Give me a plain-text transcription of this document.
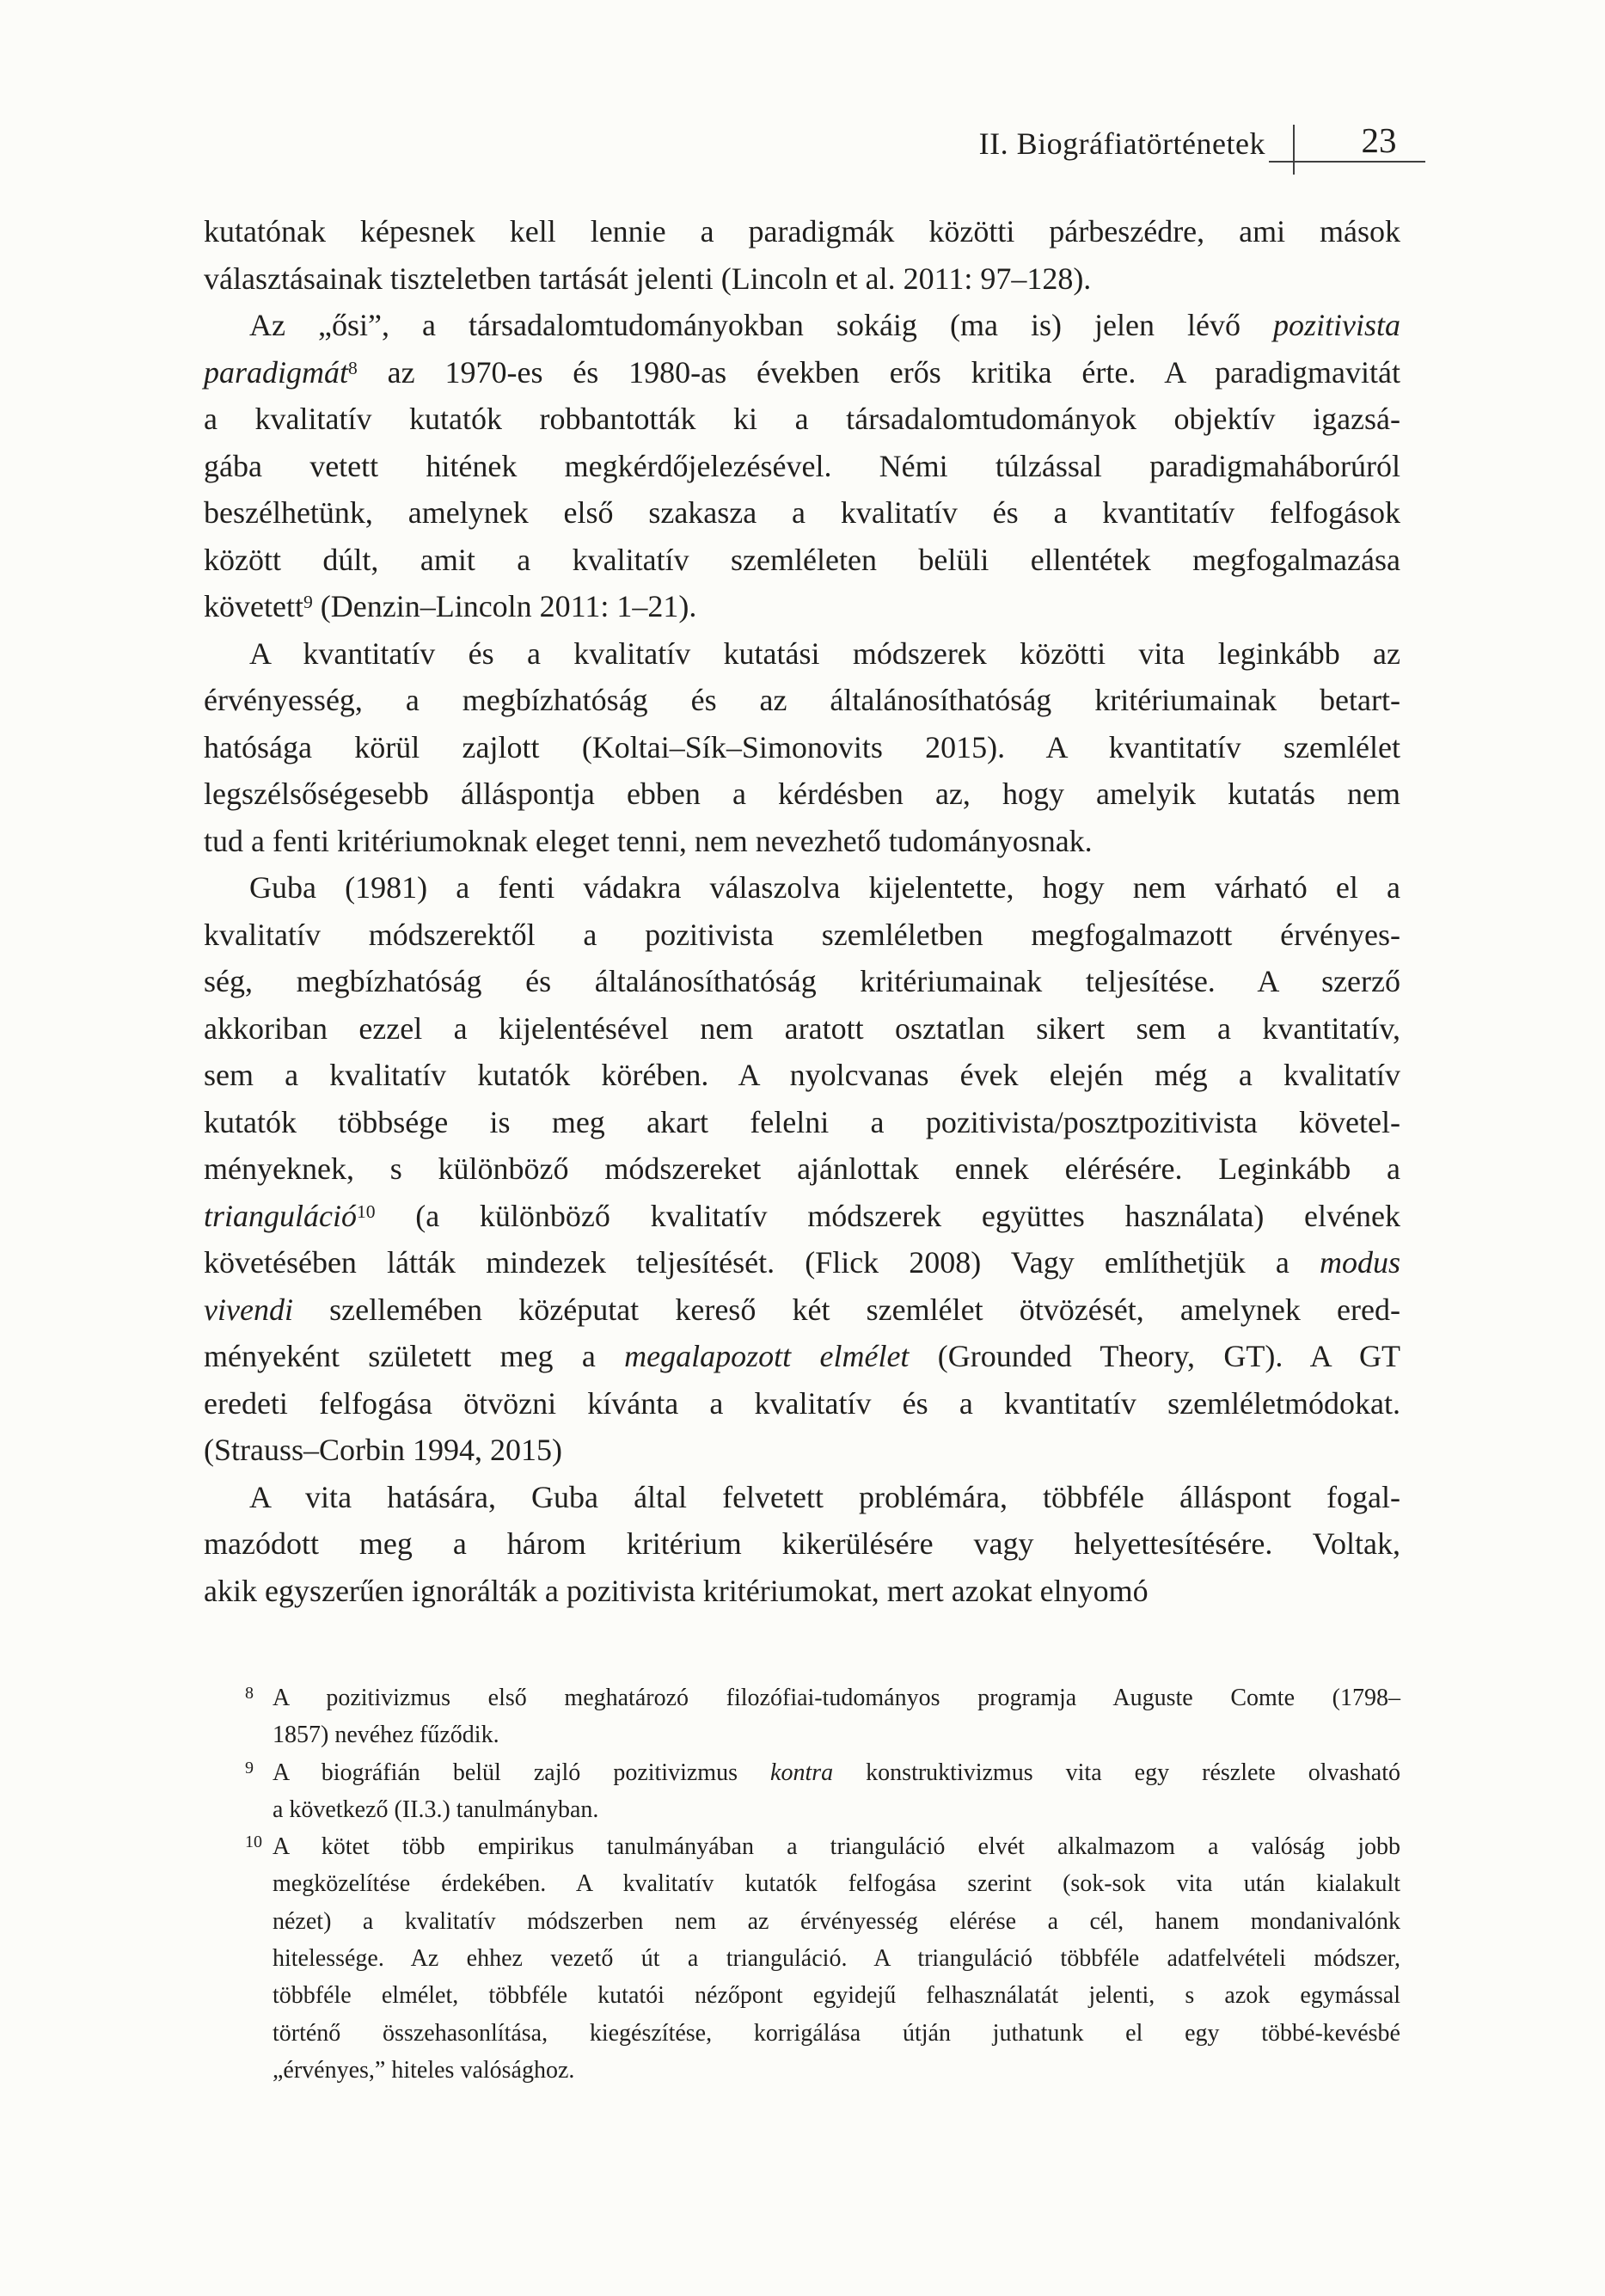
II. Biográfiatörténetek	23
kutatónak képesnek kell lennie a paradigmák közötti párbeszédre, ami mások
választásainak tiszteletben tartását jelenti (Lincoln et al. 2011: 97–128).
Az „ősi”, a társadalomtudományokban sokáig (ma is) jelen lévő pozitivista
paradigmát$^8$ az 1970-es és 1980-as években erős kritika érte. A paradigmavitát
a kvalitatív kutatók robbantották ki a társadalomtudományok objektív igazsá-
gába vetett hitének megkérdőjelezésével. Némi túlzással paradigmaháborúról
beszélhetünk, amelynek első szakasza a kvalitatív és a kvantitatív felfogások
között dúlt, amit a kvalitatív szemléleten belüli ellentétek megfogalmazása
követett$^9$ (Denzin–Lincoln 2011: 1–21).
A kvantitatív és a kvalitatív kutatási módszerek közötti vita leginkább az
érvényesség, a megbízhatóság és az általánosíthatóság kritériumainak betart-
hatósága körül zajlott (Koltai–Sík–Simonovits 2015). A kvantitatív szemlélet
legszélsőségesebb álláspontja ebben a kérdésben az, hogy amelyik kutatás nem
tud a fenti kritériumoknak eleget tenni, nem nevezhető tudományosnak.
Guba (1981) a fenti vádakra válaszolva kijelentette, hogy nem várható el a
kvalitatív módszerektől a pozitivista szemléletben megfogalmazott érvényes-
ség, megbízhatóság és általánosíthatóság kritériumainak teljesítése. A szerző
akkoriban ezzel a kijelentésével nem aratott osztatlan sikert sem a kvantitatív,
sem a kvalitatív kutatók körében. A nyolcvanas évek elején még a kvalitatív
kutatók többsége is meg akart felelni a pozitivista/posztpozitivista követel-
ményeknek, s különböző módszereket ajánlottak ennek elérésére. Leginkább a
trianguláció$^{10}$ (a különböző kvalitatív módszerek együttes használata) elvének
követésében látták mindezek teljesítését. (Flick 2008) Vagy említhetjük a modus
vivendi szellemében középutat kereső két szemlélet ötvözését, amelynek ered-
ményeként született meg a megalapozott elmélet (Grounded Theory, GT). A GT
eredeti felfogása ötvözni kívánta a kvalitatív és a kvantitatív szemléletmódokat.
(Strauss–Corbin 1994, 2015)
A vita hatására, Guba által felvetett problémára, többféle álláspont fogal-
mazódott meg a három kritérium kikerülésére vagy helyettesítésére. Voltak,
akik egyszerűen ignorálták a pozitivista kritériumokat, mert azokat elnyomó
8 A pozitivizmus első meghatározó filozófiai-tudományos programja Auguste Comte (1798–
1857) nevéhez fűződik.
9 A biográfián belül zajló pozitivizmus kontra konstruktivizmus vita egy részlete olvasható
a következő (II.3.) tanulmányban.
10 A kötet több empirikus tanulmányában a trianguláció elvét alkalmazom a valóság jobb
megközelítése érdekében. A kvalitatív kutatók felfogása szerint (sok-sok vita után kialakult
nézet) a kvalitatív módszerben nem az érvényesség elérése a cél, hanem mondanivalónk
hitelessége. Az ehhez vezető út a trianguláció. A trianguláció többféle adatfelvételi módszer,
többféle elmélet, többféle kutatói nézőpont egyidejű felhasználatát jelenti, s azok egymással
történő összehasonlítása, kiegészítése, korrigálása útján juthatunk el egy többé-kevésbé
„érvényes,” hiteles valósághoz.
